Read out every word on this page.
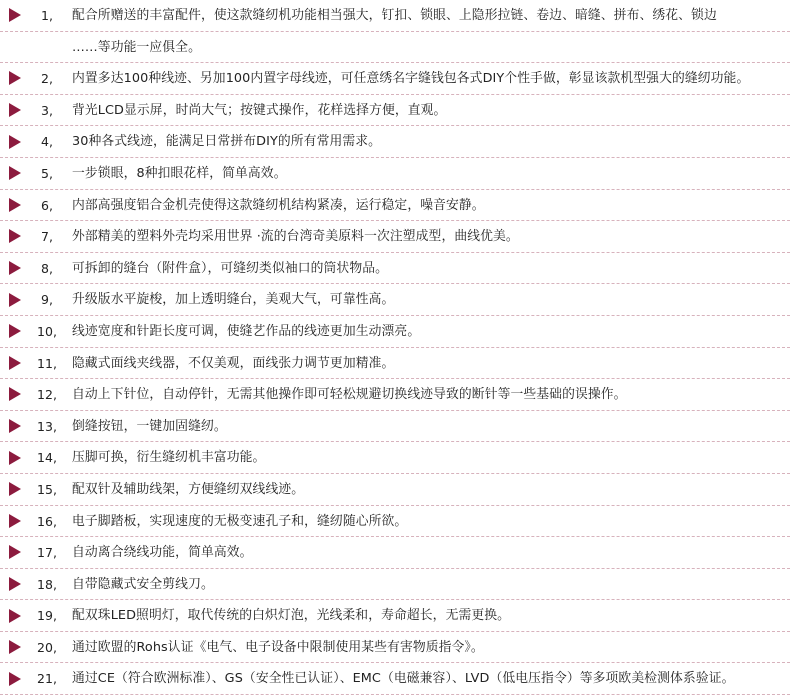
1,	配合所赠送的丰富配件，使这款缝纫机功能相当强大，钉扣、锁眼、上隐形拉链、卷边、暗缝、拼布、绣花、锁边
……等功能一应俱全。
2,	内置多达100种线迹、另加100内置字母线迹，可任意绣名字缝钱包各式DIY个性手做，彰显该款机型强大的缝纫功能。
3,	背光LCD显示屏，时尚大气；按键式操作，花样选择方便，直观。
4,	30种各式线迹，能满足日常拼布DIY的所有常用需求。
5,	一步锁眼，8种扣眼花样，简单高效。
6,	内部高强度铝合金机壳使得这款缝纫机结构紧凑，运行稳定，噪音安静。
7,	外部精美的塑料外壳均采用世界 ·流的台湾奇美原料一次注塑成型，曲线优美。
8,	可拆卸的缝台（附件盒），可缝纫类似袖口的筒状物品。
9,	升级版水平旋梭，加上透明缝台，美观大气，可靠性高。
10,	线迹宽度和针距长度可调，使缝艺作品的线迹更加生动漂亮。
11,	隐藏式面线夹线器，不仅美观，面线张力调节更加精准。
12,	自动上下针位，自动停针，无需其他操作即可轻松规避切换线迹导致的断针等一些基础的误操作。
13,	倒缝按钮，一键加固缝纫。
14,	压脚可换，衍生缝纫机丰富功能。
15,	配双针及辅助线架，方便缝纫双线线迹。
16,	电子脚踏板，实现速度的无极变速孔子和，缝纫随心所欲。
17,	自动离合绕线功能，简单高效。
18,	自带隐藏式安全剪线刀。
19,	配双珠LED照明灯，取代传统的白炽灯泡，光线柔和，寿命超长，无需更换。
20,	通过欧盟的Rohs认证《电气、电子设备中限制使用某些有害物质指令》。
21,	通过CE（符合欧洲标准）、GS（安全性已认证）、EMC（电磁兼容）、LVD（低电压指令）等多项欧美检测体系验证。
